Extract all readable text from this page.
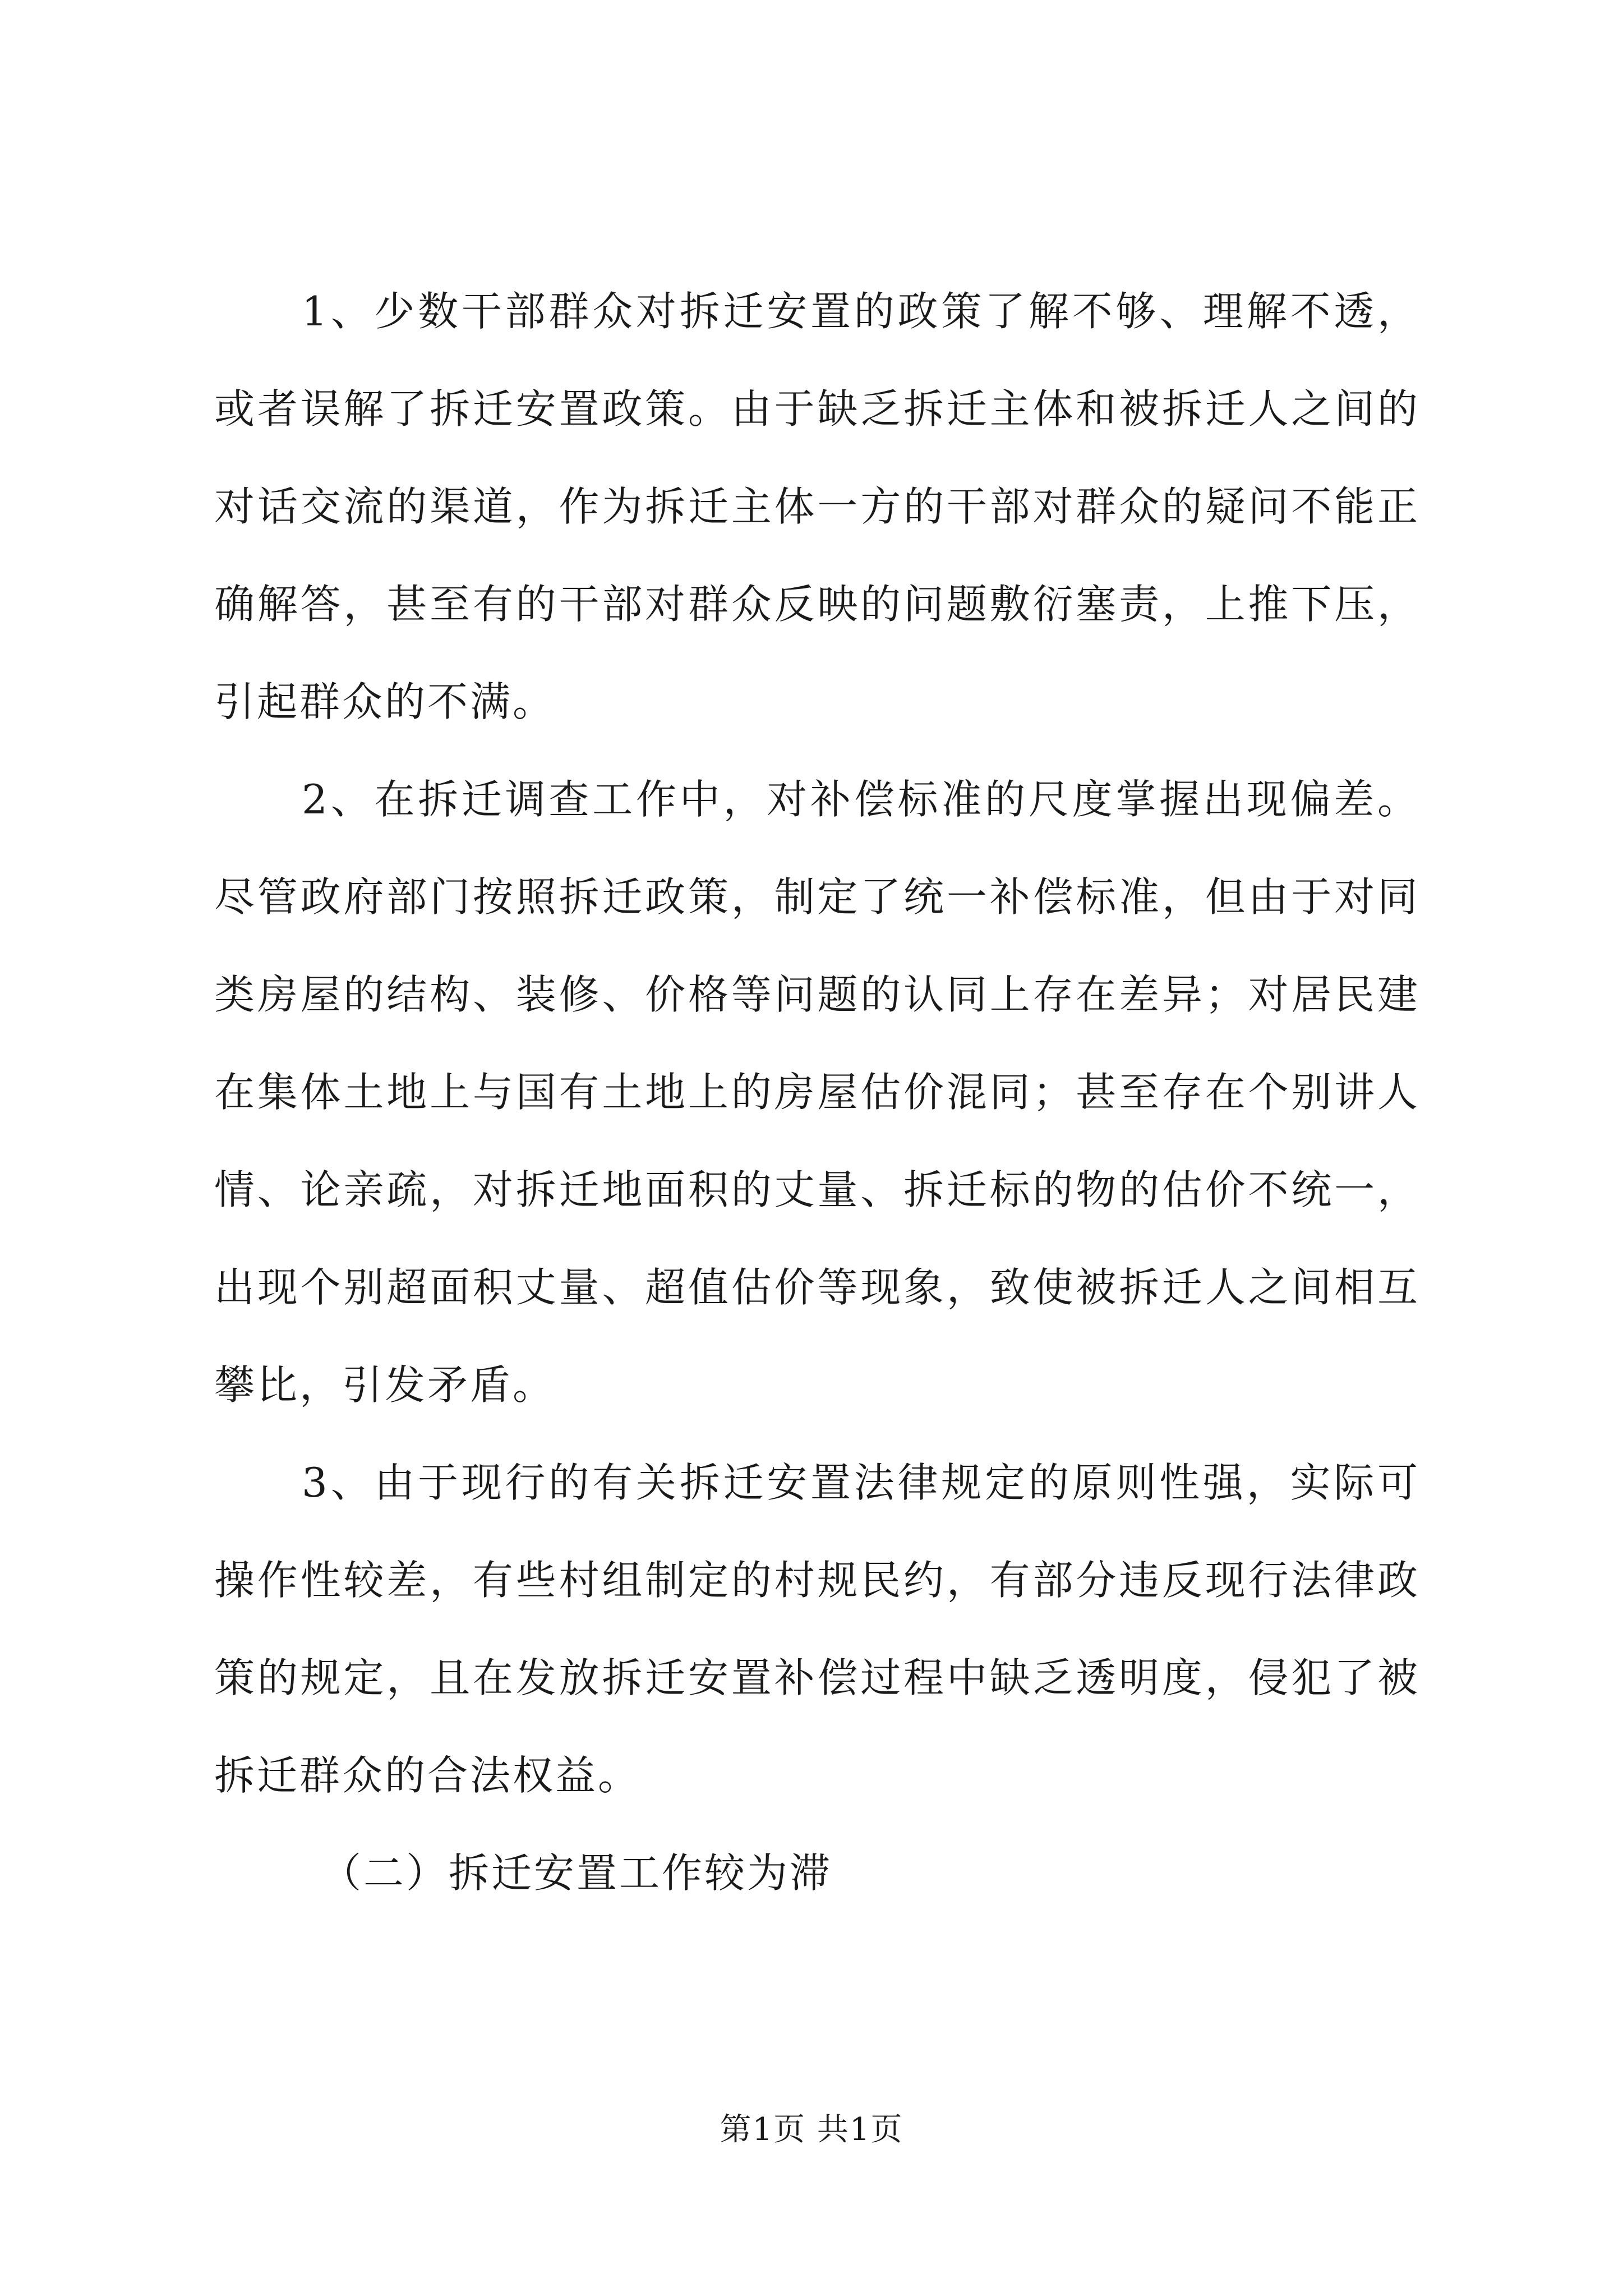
1、少数干部群众对拆迁安置的政策了解不够、理解不透，或者误解了拆迁安置政策。由于缺乏拆迁主体和被拆迁人之间的对话交流的渠道，作为拆迁主体一方的干部对群众的疑问不能正确解答，甚至有的干部对群众反映的问题敷衍塞责，上推下压，引起群众的不满。

2、在拆迁调查工作中，对补偿标准的尺度掌握出现偏差。尽管政府部门按照拆迁政策，制定了统一补偿标准，但由于对同类房屋的结构、装修、价格等问题的认同上存在差异；对居民建在集体土地上与国有土地上的房屋估价混同；甚至存在个别讲人情、论亲疏，对拆迁地面积的丈量、拆迁标的物的估价不统一，出现个别超面积丈量、超值估价等现象，致使被拆迁人之间相互攀比，引发矛盾。

3、由于现行的有关拆迁安置法律规定的原则性强，实际可操作性较差，有些村组制定的村规民约，有部分违反现行法律政策的规定，且在发放拆迁安置补偿过程中缺乏透明度，侵犯了被拆迁群众的合法权益。

（二）拆迁安置工作较为滞

第1页 共1页
